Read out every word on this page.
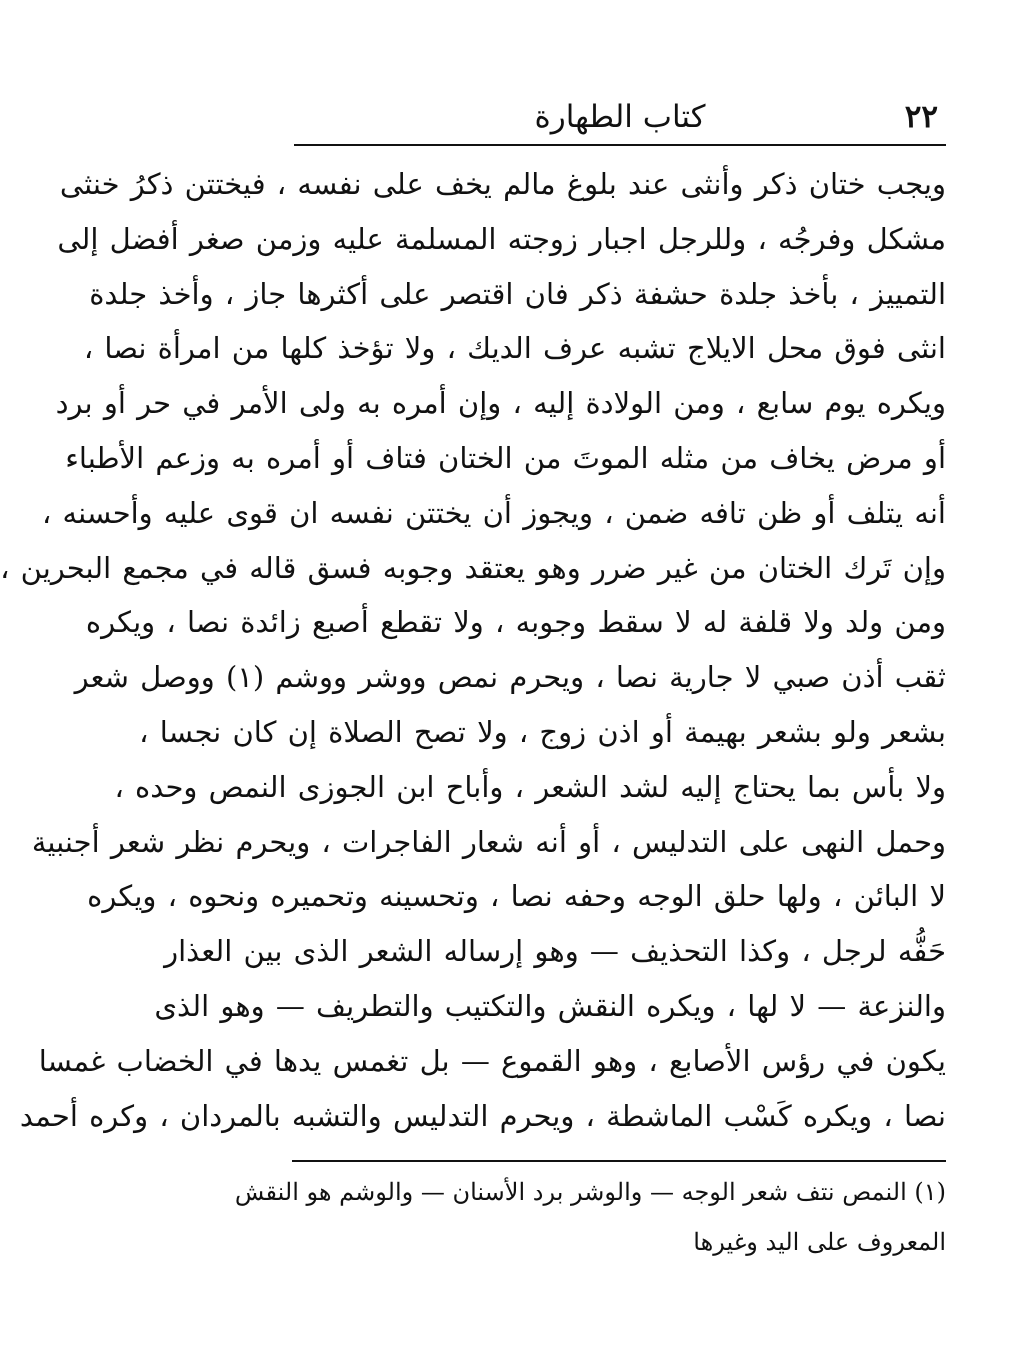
٢٢
كتاب الطهارة
ويجب ختان ذكر وأنثى عند بلوغ مالم يخف على نفسه ، فيختتن ذكرُ خنثى
مشكل وفرجُه ، وللرجل اجبار زوجته المسلمة عليه وزمن صغر أفضل إلى
التمييز ، بأخذ جلدة حشفة ذكر فان اقتصر على أكثرها جاز ، وأخذ جلدة
انثى فوق محل الايلاج تشبه عرف الديك ، ولا تؤخذ كلها من امرأة نصا ،
ويكره يوم سابع ، ومن الولادة إليه ، وإن أمره به ولى الأمر في حر أو برد
أو مرض يخاف من مثله الموتَ من الختان فتاف أو أمره به وزعم الأطباء
أنه يتلف أو ظن تافه ضمن ، ويجوز أن يختتن نفسه ان قوى عليه وأحسنه ،
وإن تَرك الختان من غير ضرر وهو يعتقد وجوبه فسق قاله في مجمع البحرين ،
ومن ولد ولا قلفة له لا سقط وجوبه ، ولا تقطع أصبع زائدة نصا ، ويكره
ثقب أذن صبي لا جارية نصا ، ويحرم نمص ووشر ووشم (١) ووصل شعر
بشعر ولو بشعر بهيمة أو اذن زوج ، ولا تصح الصلاة إن كان نجسا ،
ولا بأس بما يحتاج إليه لشد الشعر ، وأباح ابن الجوزى النمص وحده ،
وحمل النهى على التدليس ، أو أنه شعار الفاجرات ، ويحرم نظر شعر أجنبية
لا البائن ، ولها حلق الوجه وحفه نصا ، وتحسينه وتحميره ونحوه ، ويكره
حَفُّه لرجل ، وكذا التحذيف — وهو إرساله الشعر الذى بين العذار
والنزعة — لا لها ، ويكره النقش والتكتيب والتطريف — وهو الذى
يكون في رؤس الأصابع ، وهو القموع — بل تغمس يدها في الخضاب غمسا
نصا ، ويكره كَسْب الماشطة ، ويحرم التدليس والتشبه بالمردان ، وكره أحمد
(١) النمص نتف شعر الوجه — والوشر برد الأسنان — والوشم هو النقش
المعروف على اليد وغيرها
